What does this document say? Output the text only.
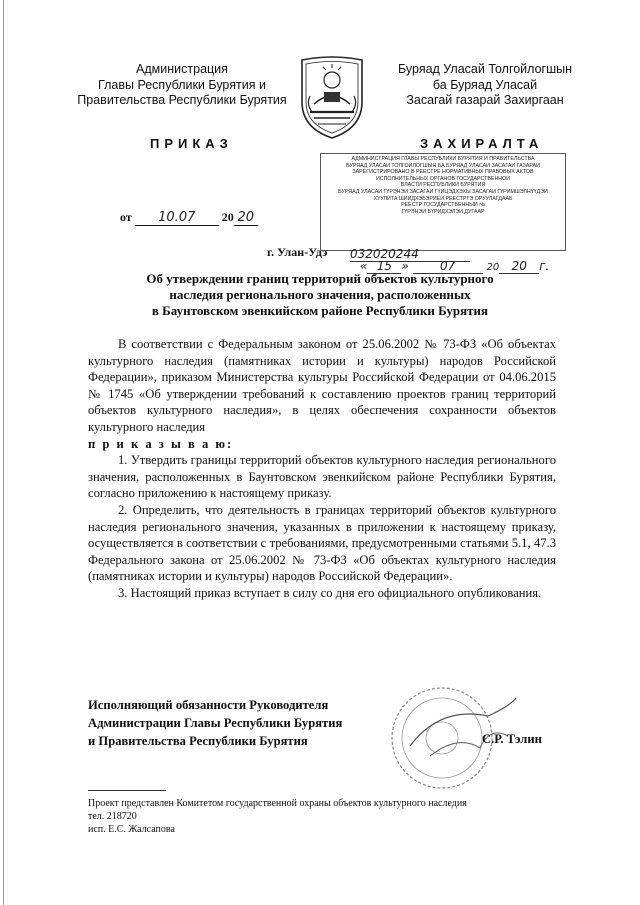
Администрация
Главы Республики Бурятия и
Правительства Республики Бурятия
Буряад Уласай Толгойлогшын
ба Буряад Уласай
Засагай газарай Захиргаан
ПРИКАЗ	ЗАХИРАЛТА
от 10.07 20 20
г. Улан-Удэ
АДМИНИСТРАЦИЯ ГЛАВЫ РЕСПУБЛИКИ БУРЯТИЯ И ПРАВИТЕЛЬСТВА
БУРЯАД УЛАСАЙ ТОЛГОЙЛОГШЫН БА БУРЯАД УЛАСАЙ ЗАСАГАЙ ГАЗАРАЙ
ЗАРЕГИСТРИРОВАНО В РЕЕСТРЕ НОРМАТИВНЫХ ПРАВОВЫХ АКТОВ
ИСПОЛНИТЕЛЬНЫХ ОРГАНОВ ГОСУДАРСТВЕННОЙ
ВЛАСТИ РЕСПУБЛИКИ БУРЯТИЯ
БУРЯАД УЛАСАЙ ГҮРЭНЭЙ ЗАСАГАЙ ГҮЙЦЭДХЭХЫ ЗАСАГАЙ ГҮРИМШЭЛНҮҮДЭЙ
ХУУЛИТА ШИИДХЭБЭРИЕЙ РЕЕСТРТЭ ОРУУЛАГДААБ
РЕЕСТР ГОСУДАРСТВЕННЫЙ №
ГҮРЭНЭЙ БҮРИДХЭЛЭЙ ДУГААР
032020244
« 15 » 07	20 20 г.
Об утверждении границ территорий объектов культурного
наследия регионального значения, расположенных
в Баунтовском эвенкийском районе Республики Бурятия

В соответствии с Федеральным законом от 25.06.2002 № 73-ФЗ «Об объектах культурного наследия (памятниках истории и культуры) народов Российской Федерации», приказом Министерства культуры Российской Федерации от 04.06.2015 № 1745 «Об утверждении требований к составлению проектов границ территорий объектов культурного наследия», в целях обеспечения сохранности объектов культурного наследия

п р и к а з ы в а ю:

1. Утвердить границы территорий объектов культурного наследия регионального значения, расположенных в Баунтовском эвенкийском районе Республики Бурятия, согласно приложению к настоящему приказу.

2. Определить, что деятельность в границах территорий объектов культурного наследия регионального значения, указанных в приложении к настоящему приказу, осуществляется в соответствии с требованиями, предусмотренными статьями 5.1, 47.3 Федерального закона от 25.06.2002 № 73-ФЗ «Об объектах культурного наследия (памятниках истории и культуры) народов Российской Федерации».

3. Настоящий приказ вступает в силу со дня его официального опубликования.

Исполняющий обязанности Руководителя
Администрации Главы Республики Бурятия
и Правительства Республики Бурятия	С.Р. Тэлин
Проект представлен Комитетом государственной охраны объектов культурного наследия
тел. 218720
исп. Е.С. Жалсапова
